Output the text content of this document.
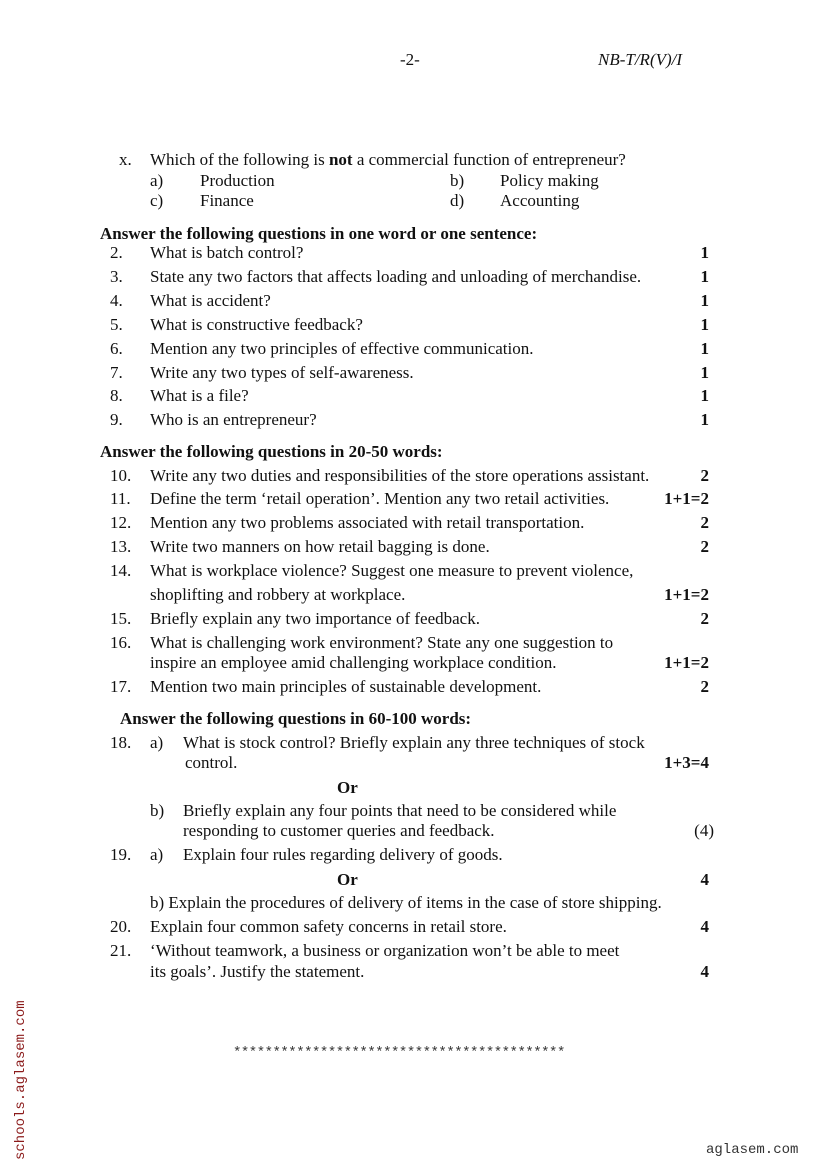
-2-	NB-T/R(V)/I
x. Which of the following is not a commercial function of entrepreneur?
a) Production	b) Policy making
c) Finance	d) Accounting
Answer the following questions in one word or one sentence:
2. What is batch control?	1
3. State any two factors that affects loading and unloading of merchandise.	1
4. What is accident?	1
5. What is constructive feedback?	1
6. Mention any two principles of effective communication.	1
7. Write any two types of self-awareness.	1
8. What is a file?	1
9. Who is an entrepreneur?	1
Answer the following questions in 20-50 words:
10. Write any two duties and responsibilities of the store operations assistant.	2
11. Define the term ‘retail operation’. Mention any two retail activities.	1+1=2
12. Mention any two problems associated with retail transportation.	2
13. Write two manners on how retail bagging is done.	2
14. What is workplace violence? Suggest one measure to prevent violence,
shoplifting and robbery at workplace.	1+1=2
15. Briefly explain any two importance of feedback.	2
16. What is challenging work environment? State any one suggestion to
inspire an employee amid challenging workplace condition.	1+1=2
17. Mention two main principles of sustainable development.	2
Answer the following questions in 60-100 words:
18. a) What is stock control? Briefly explain any three techniques of stock
control.	1+3=4
Or
b) Briefly explain any four points that need to be considered while
responding to customer queries and feedback.	(4)
19. a) Explain four rules regarding delivery of goods.
Or	4
b) Explain the procedures of delivery of items in the case of store shipping.
20. Explain four common safety concerns in retail store.	4
21. ‘Without teamwork, a business or organization won’t be able to meet
its goals’. Justify the statement.	4
******************************************
aglasem.com
schools.aglasem.com
